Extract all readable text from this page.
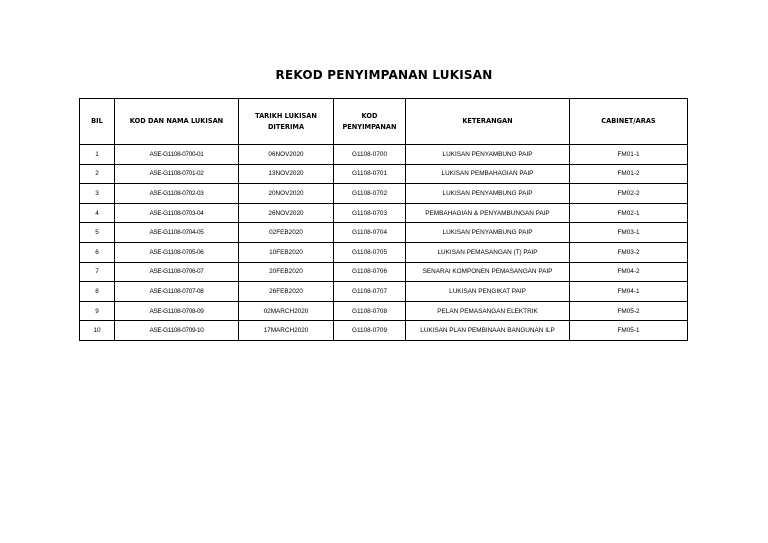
REKOD PENYIMPANAN LUKISAN
BIL	KOD DAN NAMA LUKISAN	TARIKH LUKISAN DITERIMA	KOD PENYIMPANAN	KETERANGAN	CABINET/ARAS
1	ASE-G1108-0700-01	06NOV2020	G1108-0700	LUKISAN PENYAMBUNG PAIP	FM01-1
2	ASE-G1108-0701-02	13NOV2020	G1108-0701	LUKISAN PEMBAHAGIAN PAIP	FM01-2
3	ASE-G1108-0702-03	20NOV2020	G1108-0702	LUKISAN PENYAMBUNG PAIP	FM02-2
4	ASE-G1108-0703-04	26NOV2020	G1108-0703	PEMBAHAGIAN & PENYAMBUNGAN PAIP	FM02-1
5	ASE-G1108-0704-05	02FEB2020	G1108-0704	LUKISAN PENYAMBUNG PAIP	FM03-1
6	ASE-G1108-0705-06	10FEB2020	G1108-0705	LUKISAN PEMASANGAN (T) PAIP	FM03-2
7	ASE-G1108-0706-07	20FEB2020	G1108-0706	SENARAI KOMPONEN PEMASANGAN PAIP	FM04-2
8	ASE-G1108-0707-08	26FEB2020	G1108-0707	LUKISAN PENGIKAT PAIP	FM04-1
9	ASE-G1108-0708-09	02MARCH2020	G1108-0708	PELAN PEMASANGAN ELEKTRIK	FM05-2
10	ASE-G1108-0709-10	17MARCH2020	G1108-0709	LUKISAN PLAN PEMBINAAN BANGUNAN ILP	FM05-1
